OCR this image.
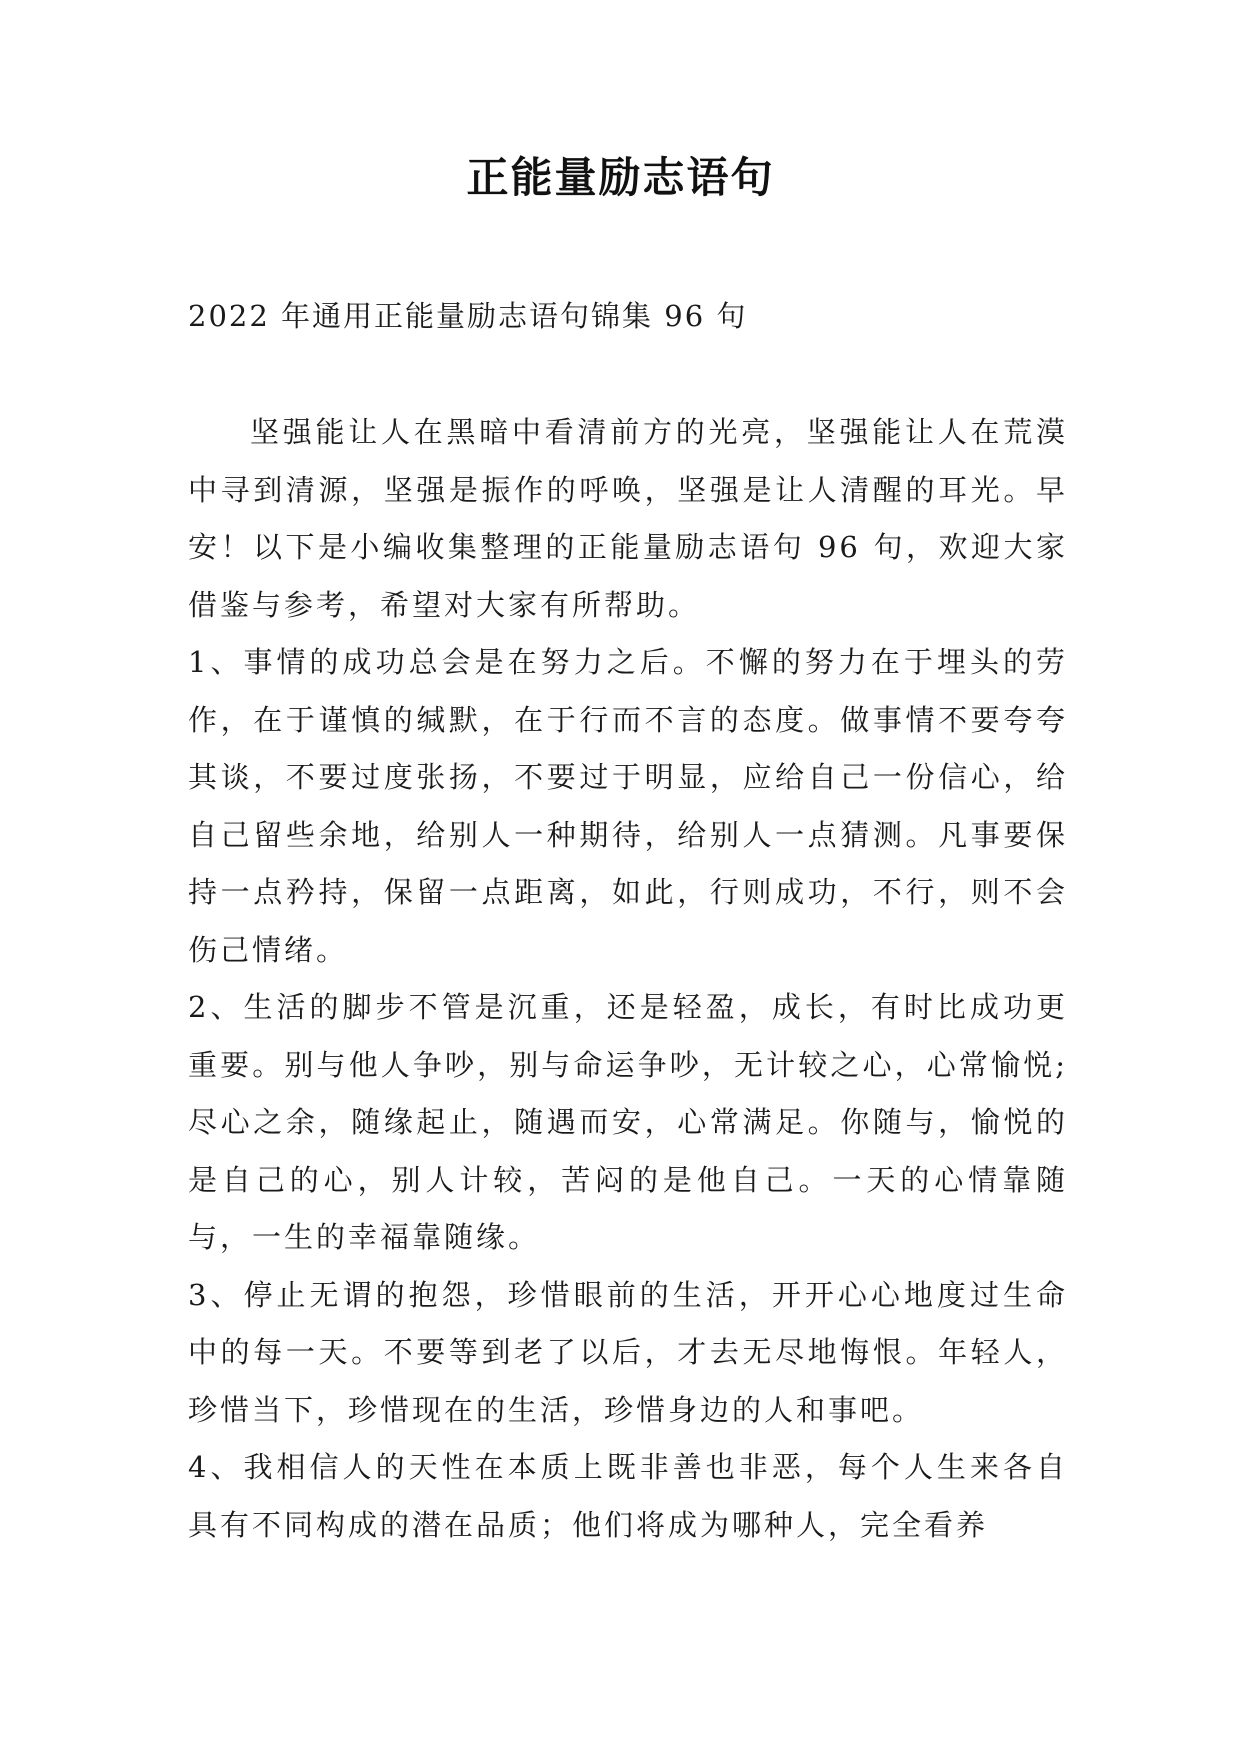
正能量励志语句
2022 年通用正能量励志语句锦集 96 句

坚强能让人在黑暗中看清前方的光亮，坚强能让人在荒漠中寻到清源，坚强是振作的呼唤，坚强是让人清醒的耳光。早安！以下是小编收集整理的正能量励志语句 96 句，欢迎大家借鉴与参考，希望对大家有所帮助。

1、事情的成功总会是在努力之后。不懈的努力在于埋头的劳作，在于谨慎的缄默，在于行而不言的态度。做事情不要夸夸其谈，不要过度张扬，不要过于明显，应给自己一份信心，给自己留些余地，给别人一种期待，给别人一点猜测。凡事要保持一点矜持，保留一点距离，如此，行则成功，不行，则不会伤己情绪。

2、生活的脚步不管是沉重，还是轻盈，成长，有时比成功更重要。别与他人争吵，别与命运争吵，无计较之心，心常愉悦;尽心之余，随缘起止，随遇而安，心常满足。你随与，愉悦的是自己的心，别人计较，苦闷的是他自己。一天的心情靠随与，一生的幸福靠随缘。

3、停止无谓的抱怨，珍惜眼前的生活，开开心心地度过生命中的每一天。不要等到老了以后，才去无尽地悔恨。年轻人，珍惜当下，珍惜现在的生活，珍惜身边的人和事吧。

4、我相信人的天性在本质上既非善也非恶，每个人生来各自具有不同构成的潜在品质；他们将成为哪种人，完全看养
